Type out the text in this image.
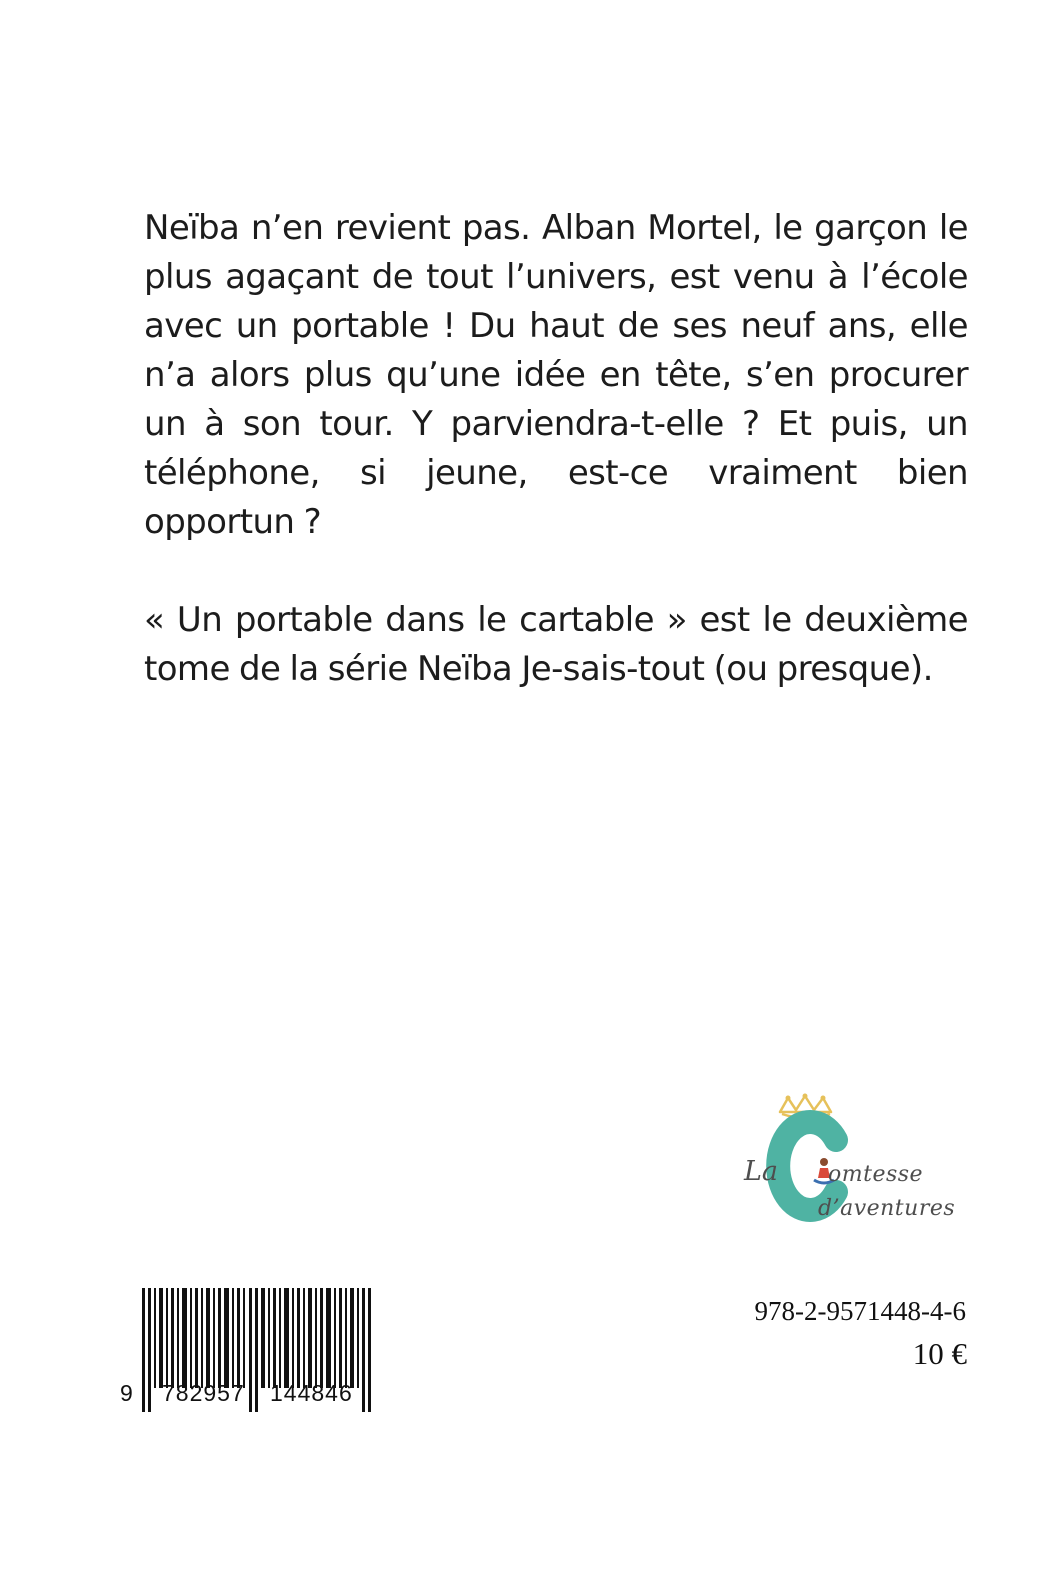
Neïba n’en revient pas. Alban Mortel, le garçon le plus agaçant de tout l’univers, est venu à l’école avec un portable ! Du haut de ses neuf ans, elle n’a alors plus qu’une idée en tête, s’en procurer un à son tour. Y parviendra-t-elle ? Et puis, un téléphone, si jeune, est-ce vraiment bien opportun ?

« Un portable dans le cartable » est le deuxième tome de la série Neïba Je-sais-tout (ou presque).

La omtesse
d’aventures
9 782957 144846
978-2-9571448-4-6
10 €
